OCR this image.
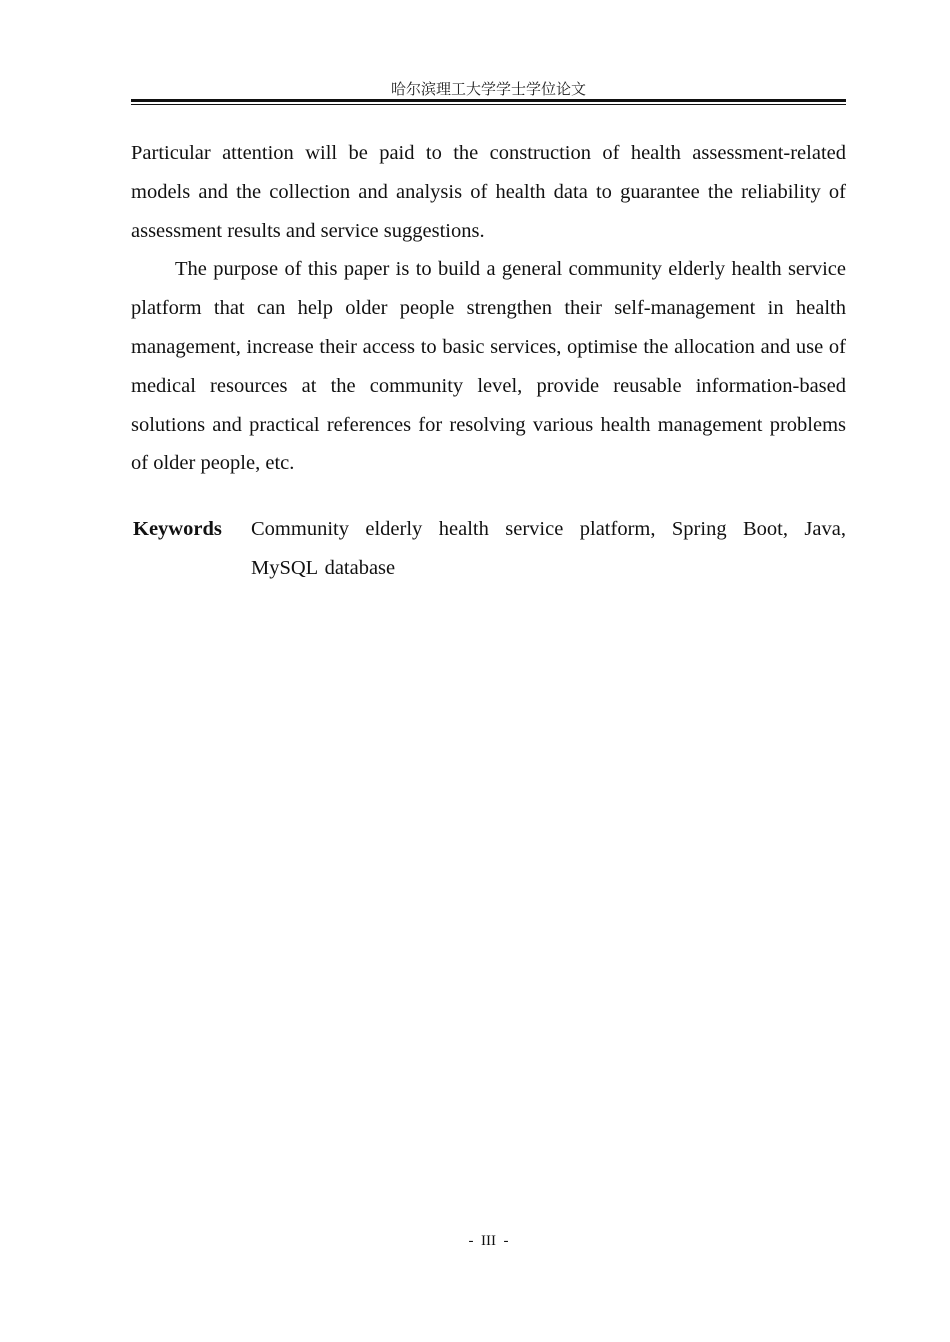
哈尔滨理工大学学士学位论文

Particular attention will be paid to the construction of health assessment-related models and the collection and analysis of health data to guarantee the reliability of assessment results and service suggestions.

The purpose of this paper is to build a general community elderly health service platform that can help older people strengthen their self-management in health management, increase their access to basic services, optimise the allocation and use of medical resources at the community level, provide reusable information-based solutions and practical references for resolving various health management problems of older people, etc.

Keywords	Community elderly health service platform, Spring Boot, Java, MySQL database
-  III  -
